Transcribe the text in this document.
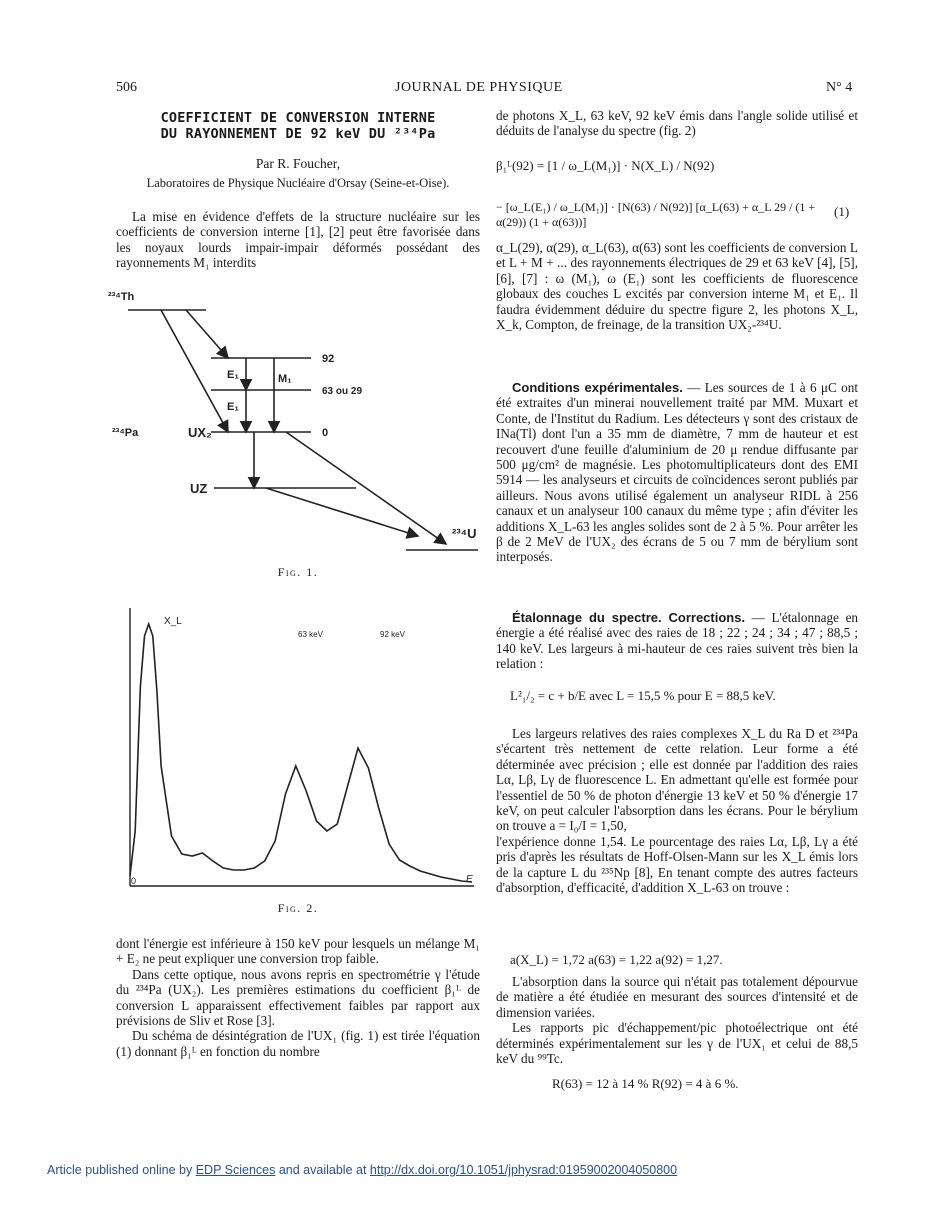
506	JOURNAL DE PHYSIQUE	N° 4
COEFFICIENT DE CONVERSION INTERNE
DU RAYONNEMENT DE 92 keV DU ²³⁴Pa
Par R. Foucher,
Laboratoires de Physique Nucléaire d'Orsay (Seine-et-Oise).

La mise en évidence d'effets de la structure nucléaire sur les coefficients de conversion interne [1], [2] peut être favorisée dans les noyaux lourds impair-impair déformés possédant des rayonnements M₁ interdits

²³⁴Th
²³⁴Pa	UX₂
UZ
²³⁴U
E₁
E₁
M₁
92
63 ou 29
0
Fig. 1.
X_L
63 keV	92 keV
0	E
Fig. 2.

dont l'énergie est inférieure à 150 keV pour lesquels un mélange M₁ + E₂ ne peut expliquer une conversion trop faible.

Dans cette optique, nous avons repris en spectrométrie γ l'étude du ²³⁴Pa (UX₂). Les premières estimations du coefficient β₁ᴸ de conversion L apparaissent effectivement faibles par rapport aux prévisions de Sliv et Rose [3].

Du schéma de désintégration de l'UX₁ (fig. 1) est tirée l'équation (1) donnant β₁ᴸ en fonction du nombre

de photons X_L, 63 keV, 92 keV émis dans l'angle solide utilisé et déduits de l'analyse du spectre (fig. 2)

β₁ᴸ(92) = [1 / ω_L(M₁)] · N(X_L) / N(92)
− [ω_L(E₁) / ω_L(M₁)] · [N(63) / N(92)] [α_L(63) + α_L 29 / (1 + α(29)) (1 + α(63))]
(1)

α_L(29), α(29), α_L(63), α(63) sont les coefficients de conversion L et L + M + ... des rayonnements électriques de 29 et 63 keV [4], [5], [6], [7] : ω (M₁), ω (E₁) sont les coefficients de fluorescence globaux des couches L excités par conversion interne M₁ et E₁. Il faudra évidemment déduire du spectre figure 2, les photons X_L, X_k, Compton, de freinage, de la transition UX₂-²³⁴U.

Conditions expérimentales. — Les sources de 1 à 6 μC ont été extraites d'un minerai nouvellement traité par MM. Muxart et Conte, de l'Institut du Radium. Les détecteurs γ sont des cristaux de INa(Tl) dont l'un a 35 mm de diamètre, 7 mm de hauteur et est recouvert d'une feuille d'aluminium de 20 μ rendue diffusante par 500 μg/cm² de magnésie. Les photomultiplicateurs dont des EMI 5914 — les analyseurs et circuits de coïncidences seront publiés par ailleurs. Nous avons utilisé également un analyseur RIDL à 256 canaux et un analyseur 100 canaux du même type ; afin d'éviter les additions X_L-63 les angles solides sont de 2 à 5 %. Pour arrêter les β de 2 MeV de l'UX₂ des écrans de 5 ou 7 mm de bérylium sont interposés.

Étalonnage du spectre. Corrections. — L'étalonnage en énergie a été réalisé avec des raies de 18 ; 22 ; 24 ; 34 ; 47 ; 88,5 ; 140 keV. Les largeurs à mi-hauteur de ces raies suivent très bien la relation :

L²₁/₂ = c + b/E avec L = 15,5 % pour E = 88,5 keV.

Les largeurs relatives des raies complexes X_L du Ra D et ²³⁴Pa s'écartent très nettement de cette relation. Leur forme a été déterminée avec précision ; elle est donnée par l'addition des raies Lα, Lβ, Lγ de fluorescence L. En admettant qu'elle est formée pour l'essentiel de 50 % de photon d'énergie 13 keV et 50 % d'énergie 17 keV, on peut calculer l'absorption dans les écrans. Pour le bérylium on trouve a = I₀/I = 1,50,

l'expérience donne 1,54. Le pourcentage des raies Lα, Lβ, Lγ a été pris d'après les résultats de Hoff-Olsen-Mann sur les X_L émis lors de la capture L du ²³⁵Np [8], En tenant compte des autres facteurs d'absorption, d'efficacité, d'addition X_L-63 on trouve :

a(X_L) = 1,72 a(63) = 1,22 a(92) = 1,27.

L'absorption dans la source qui n'était pas totalement dépourvue de matière a été étudiée en mesurant des sources d'intensité et de dimension variées.

Les rapports pic d'échappement/pic photoélectrique ont été déterminés expérimentalement sur les γ de l'UX₁ et celui de 88,5 keV du ⁹⁹Tc.

R(63) = 12 à 14 % R(92) = 4 à 6 %.
Article published online by EDP Sciences and available at http://dx.doi.org/10.1051/jphysrad:01959002004050800
